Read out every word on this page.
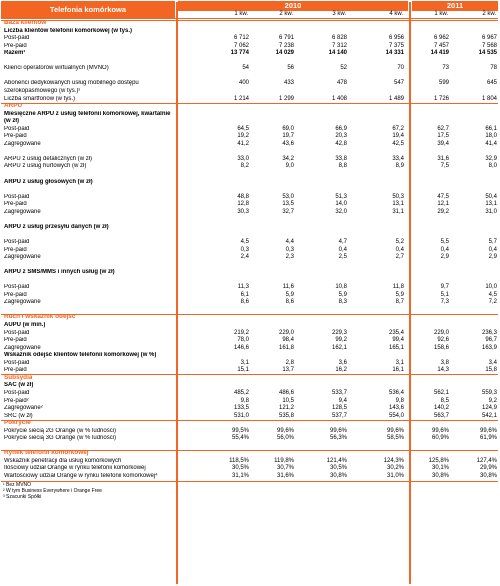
Telefonia komórkowa	2010	2011
1 kw.	2 kw.	3 kw.	4 kw.	1 kw.	2 kw.
Baza klientów
Liczba klientów telefonii komórkowej (w tys.)
Post-paid	6 712	6 791	6 828	6 956	6 962	6 967
Pre-paid	7 062	7 238	7 312	7 375	7 457	7 568
Razem¹	13 774	14 029	14 140	14 331	14 419	14 535
Klienci operatorów wirtualnych (MVNO)	54	56	52	70	73	78
Abonenci dedykowanych usług mobilnego dostępu	400	433	478	547	599	645
szerokopasmowego (w tys.)³
Liczba smartfonów (w tys.)	1 214	1 299	1 408	1 489	1 726	1 804
ARPU
Miesięczne ARPU z usług telefonii komórkowej, kwartalnie
(w zł)
Post-paid	64,5	69,0	66,9	67,2	62,7	66,1
Pre-paid	19,2	19,7	20,3	19,4	17,5	18,0
Zagregowane	41,2	43,6	42,8	42,5	39,4	41,4
ARPU z usług detalicznych (w zł)	33,0	34,2	33,8	33,4	31,6	32,9
ARPU z usług hurtowych (w zł)	8,2	9,0	8,8	8,9	7,5	8,0
ARPU z usług głosowych (w zł)
Post-paid	48,8	53,0	51,3	50,3	47,5	50,4
Pre-paid	12,8	13,5	14,0	13,1	12,1	13,1
Zagregowane	30,3	32,7	32,0	31,1	29,2	31,0
ARPU z usług przesyłu danych (w zł)
Post-paid	4,5	4,4	4,7	5,2	5,5	5,7
Pre-paid	0,3	0,3	0,4	0,4	0,4	0,4
Zagregowane	2,4	2,3	2,5	2,7	2,9	2,9
ARPU z SMS/MMS i innych usług (w zł)
Post-paid	11,3	11,6	10,8	11,8	9,7	10,0
Pre-paid	6,1	5,9	5,9	5,9	5,1	4,5
Zagregowane	8,6	8,6	8,3	8,7	7,3	7,2
Ruch i wskaźnik odejść
AUPU (w min.)
Post-paid	219,2	229,0	229,3	235,4	229,0	236,3
Pre-paid	78,0	98,4	99,2	99,4	92,6	96,7
Zagregowane	146,6	161,8	162,1	165,1	158,6	163,9
Wskaźnik odejść klientów telefonii komórkowej (w %)
Post-paid	3,1	2,8	3,6	3,1	3,8	3,4
Pre-paid	15,1	13,7	16,2	16,1	14,3	15,8
Subsydia
SAC (w zł)
Post-paid	485,2	486,6	533,7	536,4	562,1	559,3
Pre-paid²	9,8	10,5	9,4	9,8	8,5	9,2
Zagregowane²	133,5	121,2	128,5	143,6	140,2	124,9
SRC (w zł)	531,0	535,8	537,7	554,0	563,7	542,1
Pokrycie
Pokrycie siecią 2G Orange (w % ludności)	99,5%	99,6%	99,6%	99,6%	99,6%	99,6%
Pokrycie siecią 3G Orange (w % ludności)	55,4%	56,0%	56,3%	58,5%	60,9%	61,9%
Rynek telefonii komórkowej
Wskaźnik penetracji dla usług komórkowych	118,5%	119,8%	121,4%	124,3%	125,8%	127,4%
Ilościowy udział Orange w rynku telefonii komórkowej	30,5%	30,7%	30,5%	30,2%	30,1%	29,9%
Wartościowy udział Orange w rynku telefonii komórkowej⁴	31,1%	31,6%	30,8%	31,0%	30,8%	30,8%
¹ Bez MVNO
² W tym Business Everywhere i Orange Free
³ Szacunki Spółki
